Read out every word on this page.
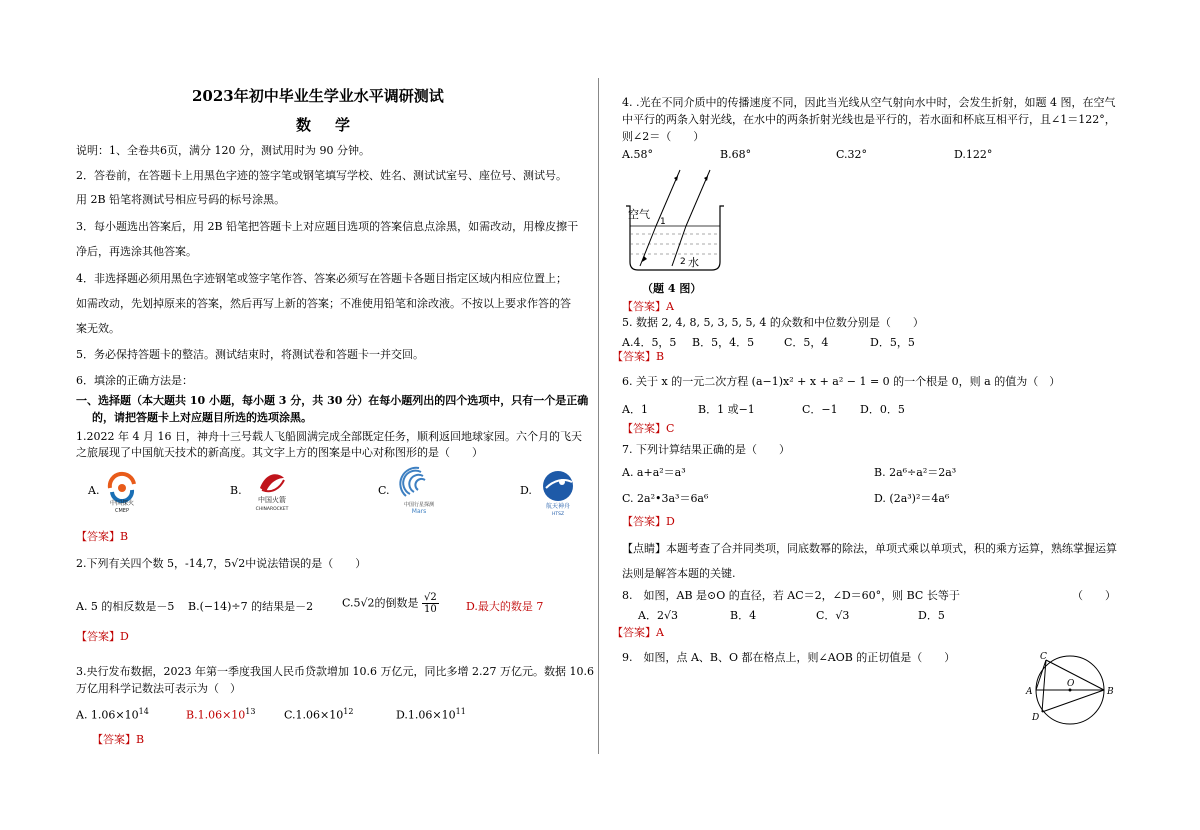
2023年初中毕业生学业水平调研测试
数学
说明：1、全卷共6页，满分 120 分，测试用时为 90 分钟。
2．答卷前，在答题卡上用黑色字迹的签字笔或钢笔填写学校、姓名、测试试室号、座位号、测试号。
用 2B 铅笔将测试号相应号码的标号涂黑。
3．每小题选出答案后，用 2B 铅笔把答题卡上对应题目选项的答案信息点涂黑，如需改动，用橡皮擦干
净后，再选涂其他答案。
4．非选择题必须用黑色字迹钢笔或签字笔作答、答案必须写在答题卡各题目指定区域内相应位置上；
如需改动，先划掉原来的答案，然后再写上新的答案；不准使用铅笔和涂改液。不按以上要求作答的答
案无效。
5．务必保持答题卡的整洁。测试结束时，将测试卷和答题卡一并交回。
6．填涂的正确方法是：
一、选择题（本大题共 10 小题，每小题 3 分，共 30 分）在每小题列出的四个选项中，只有一个是正确
的，请把答题卡上对应题目所选的选项涂黑。
1.2022 年 4 月 16 日，神舟十三号载人飞船圆满完成全部既定任务，顺利返回地球家园。六个月的飞天
之旅展现了中国航天技术的新高度。其文字上方的图案是中心对称图形的是（　　）
A.
中国探火
CMEP
B.
中国火箭
CHINAROCKET
C.
中国行星探测
Mars
D.
航天神舟
HTSZ
【答案】B
2.下列有关四个数 5，-14,7，5√2中说法错误的是（　　）
A. 5 的相反数是－5 B.(−14)÷7 的结果是－2	C.5√2的倒数是 $\frac{√2}{10} D$.最大的数是 7
【答案】D
3.央行发布数据，2023 年第一季度我国人民币贷款增加 10.6 万亿元，同比多增 2.27 万亿元。数据 10.6
万亿用科学记数法可表示为（　）
A. $1.06\times 10^{14}$	$B.1.06\times 10^{13}$	$C.1.06\times 10^{12}$	$D.1.06\times 10^{11}$
【答案】B
4. .光在不同介质中的传播速度不同，因此当光线从空气射向水中时，会发生折射，如题 4 图，在空气
中平行的两条入射光线，在水中的两条折射光线也是平行的，若水面和杯底互相平行，且∠1＝122°，
则∠2＝（　　）
A.58°	B.68°	C.32°	D.122°
空气
1
2 水
（题 4 图）
【答案】A
5. 数据 2, 4, 8, 5, 3, 5, 5, 4 的众数和中位数分别是（　　）
A.4．5，5 B．5，4．5	C．5，4	D．5，5
【答案】B
6. 关于 x 的一元二次方程 (a−1)x² + x + a² − 1 = 0 的一个根是 0，则 a 的值为（　）
A．1	B．1 或−1	C．−1 D．0．5
【答案】C
7. 下列计算结果正确的是（　　）
A. a+a²＝a³	B. 2a⁶÷a²＝2a³
C. 2a²•3a³＝6a⁶	D. (2a³)²＝4a⁶
【答案】D
【点睛】本题考查了合并同类项，同底数幂的除法，单项式乘以单项式，积的乘方运算，熟练掌握运算
法则是解答本题的关键.
8.　如图，AB 是⊙O 的直径，若 AC＝2，∠D＝60°，则 BC 长等于	（　　）
A．2√3	B．4	C．√3	D．5
【答案】A
9.　如图，点 A、B、O 都在格点上，则∠AOB 的正切值是（　　）
A	B
C
D
O
